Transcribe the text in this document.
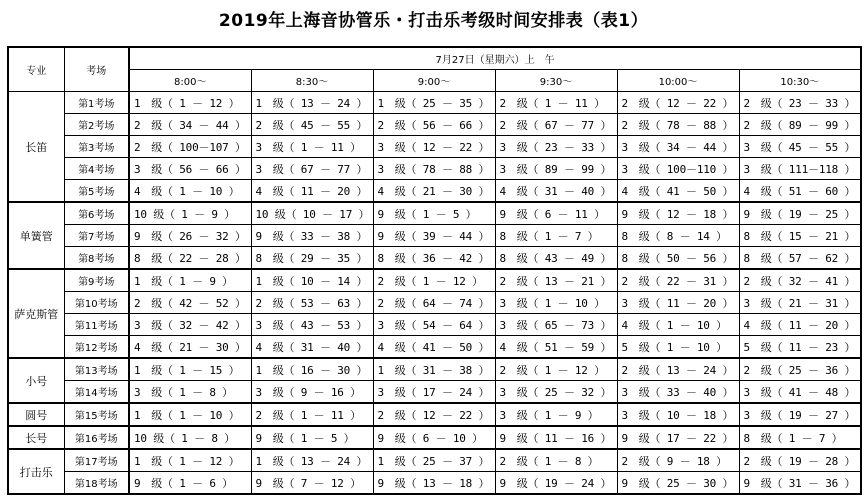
2019年上海音协管乐・打击乐考级时间安排表（表1）
专业	考场	7月27日（星期六）上　午					
		8:00～	8:30～	9:00～	9:30～	10:00～	10:30～
长笛	第1考场	1　级（ 1 － 12 ）	1　级（ 13 － 24 ）	1　级（ 25 － 35 ）	2　级（ 1 － 11 ）	2　级（ 12 － 22 ）	2　级（ 23 － 33 ）
	第2考场	2　级（ 34 － 44 ）	2　级（ 45 － 55 ）	2　级（ 56 － 66 ）	2　级（ 67 － 77 ）	2　级（ 78 － 88 ）	2　级（ 89 － 99 ）
	第3考场	2　级（ 100－107 ）	3　级（ 1 － 11 ）	3　级（ 12 － 22 ）	3　级（ 23 － 33 ）	3　级（ 34 － 44 ）	3　级（ 45 － 55 ）
	第4考场	3　级（ 56 － 66 ）	3　级（ 67 － 77 ）	3　级（ 78 － 88 ）	3　级（ 89 － 99 ）	3　级（ 100－110 ）	3　级（ 111－118 ）
	第5考场	4　级（ 1 － 10 ）	4　级（ 11 － 20 ）	4　级（ 21 － 30 ）	4　级（ 31 － 40 ）	4　级（ 41 － 50 ）	4　级（ 51 － 60 ）
单簧管	第6考场	10 级（ 1 － 9 ）	10 级（ 10 － 17 ）	9　级（ 1 － 5 ）	9　级（ 6 － 11 ）	9　级（ 12 － 18 ）	9　级（ 19 － 25 ）
	第7考场	9　级（ 26 － 32 ）	9　级（ 33 － 38 ）	9　级（ 39 － 44 ）	8　级（ 1 － 7 ）	8　级（ 8 － 14 ）	8　级（ 15 － 21 ）
	第8考场	8　级（ 22 － 28 ）	8　级（ 29 － 35 ）	8　级（ 36 － 42 ）	8　级（ 43 － 49 ）	8　级（ 50 － 56 ）	8　级（ 57 － 62 ）
萨克斯管	第9考场	1　级（ 1 － 9 ）	1　级（ 10 － 14 ）	2　级（ 1 － 12 ）	2　级（ 13 － 21 ）	2　级（ 22 － 31 ）	2　级（ 32 － 41 ）
	第10考场	2　级（ 42 － 52 ）	2　级（ 53 － 63 ）	2　级（ 64 － 74 ）	3　级（ 1 － 10 ）	3　级（ 11 － 20 ）	3　级（ 21 － 31 ）
	第11考场	3　级（ 32 － 42 ）	3　级（ 43 － 53 ）	3　级（ 54 － 64 ）	3　级（ 65 － 73 ）	4　级（ 1 － 10 ）	4　级（ 11 － 20 ）
	第12考场	4　级（ 21 － 30 ）	4　级（ 31 － 40 ）	4　级（ 41 － 50 ）	4　级（ 51 － 59 ）	5　级（ 1 － 10 ）	5　级（ 11 － 23 ）
小号	第13考场	1　级（ 1 － 15 ）	1　级（ 16 － 30 ）	1　级（ 31 － 38 ）	2　级（ 1 － 12 ）	2　级（ 13 － 24 ）	2　级（ 25 － 36 ）
	第14考场	3　级（ 1 － 8 ）	3　级（ 9 － 16 ）	3　级（ 17 － 24 ）	3　级（ 25 － 32 ）	3　级（ 33 － 40 ）	3　级（ 41 － 48 ）
圆号	第15考场	1　级（ 1 － 10 ）	2　级（ 1 － 11 ）	2　级（ 12 － 22 ）	3　级（ 1 － 9 ）	3　级（ 10 － 18 ）	3　级（ 19 － 27 ）
长号	第16考场	10 级（ 1 － 8 ）	9　级（ 1 － 5 ）	9　级（ 6 － 10 ）	9　级（ 11 － 16 ）	9　级（ 17 － 22 ）	8　级（ 1 － 7 ）
打击乐	第17考场	1　级（ 1 － 12 ）	1　级（ 13 － 24 ）	1　级（ 25 － 37 ）	2　级（ 1 － 8 ）	2　级（ 9 － 18 ）	2　级（ 19 － 28 ）
	第18考场	9　级（ 1 － 6 ）	9　级（ 7 － 12 ）	9　级（ 13 － 18 ）	9　级（ 19 － 24 ）	9　级（ 25 － 30 ）	9　级（ 31 － 36 ）
